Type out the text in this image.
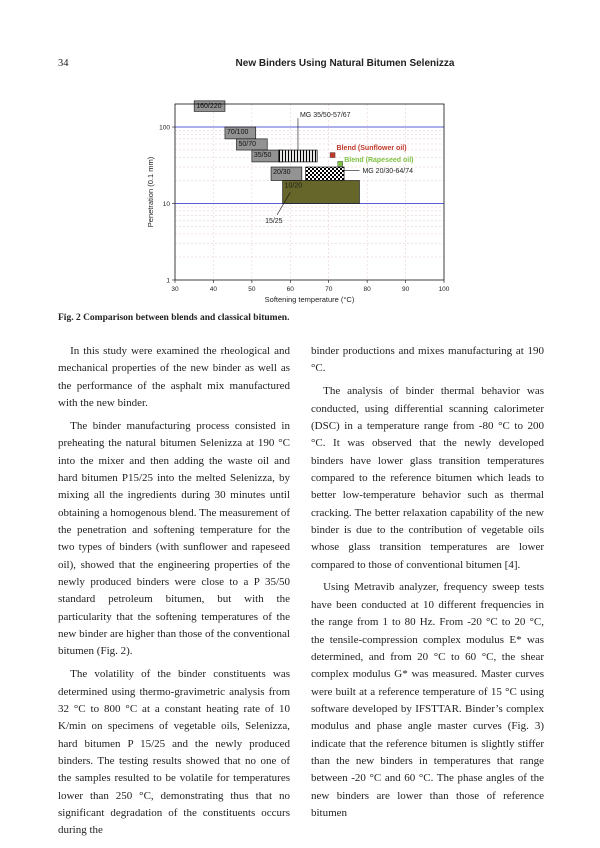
34	New Binders Using Natural Bitumen Selenizza
160/220
70/100
50/70
35/50
20/30
10/20
MG 35/50-57/67
MG 20/30-64/74
Blend (Sunflower oil)
Blend (Rapeseed oil)
15/25
30	40	50	60	70	80	90	100
1
10
100
Softening temperature (°C)
Penetration (0.1 mm)
Fig. 2 Comparison between blends and classical bitumen.

In this study were examined the rheological and mechanical properties of the new binder as well as the performance of the asphalt mix manufactured with the new binder.

The binder manufacturing process consisted in preheating the natural bitumen Selenizza at 190 °C into the mixer and then adding the waste oil and hard bitumen P15/25 into the melted Selenizza, by mixing all the ingredients during 30 minutes until obtaining a homogenous blend. The measurement of the penetration and softening temperature for the two types of binders (with sunflower and rapeseed oil), showed that the engineering properties of the newly produced binders were close to a P 35/50 standard petroleum bitumen, but with the particularity that the softening temperatures of the new binder are higher than those of the conventional bitumen (Fig. 2).

The volatility of the binder constituents was determined using thermo-gravimetric analysis from 32 °C to 800 °C at a constant heating rate of 10 K/min on specimens of vegetable oils, Selenizza, hard bitumen P 15/25 and the newly produced binders. The testing results showed that no one of the samples resulted to be volatile for temperatures lower than 250 °C, demonstrating thus that no significant degradation of the constituents occurs during the

binder productions and mixes manufacturing at 190 °C.

The analysis of binder thermal behavior was conducted, using differential scanning calorimeter (DSC) in a temperature range from -80 °C to 200 °C. It was observed that the newly developed binders have lower glass transition temperatures compared to the reference bitumen which leads to better low-temperature behavior such as thermal cracking. The better relaxation capability of the new binder is due to the contribution of vegetable oils whose glass transition temperatures are lower compared to those of conventional bitumen [4].

Using Metravib analyzer, frequency sweep tests have been conducted at 10 different frequencies in the range from 1 to 80 Hz. From -20 °C to 20 °C, the tensile-compression complex modulus E* was determined, and from 20 °C to 60 °C, the shear complex modulus G* was measured. Master curves were built at a reference temperature of 15 °C using software developed by IFSTTAR. Binder’s complex modulus and phase angle master curves (Fig. 3) indicate that the reference bitumen is slightly stiffer than the new binders in temperatures that range between -20 °C and 60 °C. The phase angles of the new binders are lower than those of reference bitumen
